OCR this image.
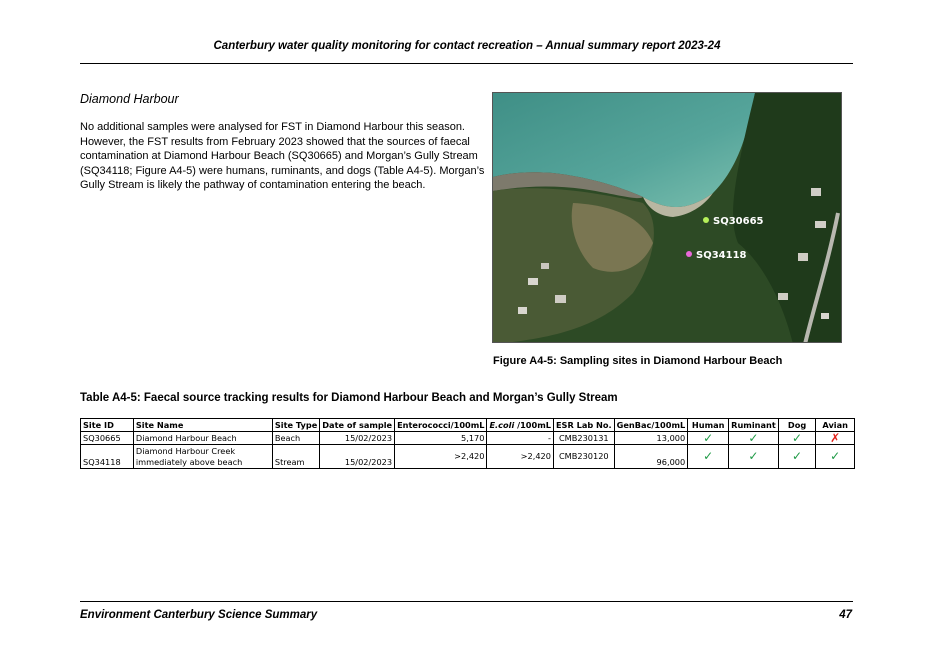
Canterbury water quality monitoring for contact recreation – Annual summary report 2023-24
Diamond Harbour

No additional samples were analysed for FST in Diamond Harbour this season. However, the FST results from February 2023 showed that the sources of faecal contamination at Diamond Harbour Beach (SQ30665) and Morgan’s Gully Stream (SQ34118; Figure A4-5) were humans, ruminants, and dogs (Table A4-5). Morgan’s Gully Stream is likely the pathway of contamination entering the beach.

SQ30665
SQ34118
Figure A4-5: Sampling sites in Diamond Harbour Beach
Table A4-5: Faecal source tracking results for Diamond Harbour Beach and Morgan’s Gully Stream
Site ID	Site Name	Site Type	Date of sample	Enterococci/100mL	E.coli /100mL	ESR Lab No.	GenBac/100mL	Human	Ruminant	Dog	Avian
SQ30665	Diamond Harbour Beach	Beach	15/02/2023	5,170	-	CMB230131	13,000	✓	✓	✓	✗
SQ34118	Diamond Harbour Creek immediately above beach	Stream	15/02/2023	>2,420	>2,420	CMB230120	96,000	✓	✓	✓	✓
Environment Canterbury Science Summary	47
